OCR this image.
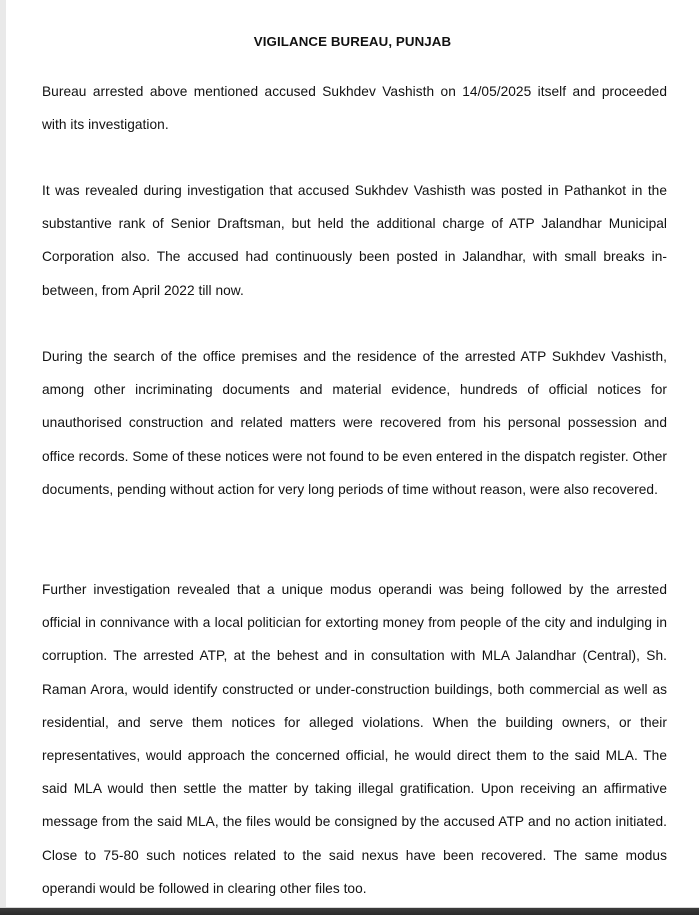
VIGILANCE BUREAU, PUNJAB

Bureau arrested above mentioned accused Sukhdev Vashisth on 14/05/2025 itself and proceeded with its investigation.

It was revealed during investigation that accused Sukhdev Vashisth was posted in Pathankot in the substantive rank of Senior Draftsman, but held the additional charge of ATP Jalandhar Municipal Corporation also. The accused had continuously been posted in Jalandhar, with small breaks in-between, from April 2022 till now.

During the search of the office premises and the residence of the arrested ATP Sukhdev Vashisth, among other incriminating documents and material evidence, hundreds of official notices for unauthorised construction and related matters were recovered from his personal possession and office records. Some of these notices were not found to be even entered in the dispatch register. Other documents, pending without action for very long periods of time without reason, were also recovered.

Further investigation revealed that a unique modus operandi was being followed by the arrested official in connivance with a local politician for extorting money from people of the city and indulging in corruption. The arrested ATP, at the behest and in consultation with MLA Jalandhar (Central), Sh. Raman Arora, would identify constructed or under-construction buildings, both commercial as well as residential, and serve them notices for alleged violations. When the building owners, or their representatives, would approach the concerned official, he would direct them to the said MLA. The said MLA would then settle the matter by taking illegal gratification. Upon receiving an affirmative message from the said MLA, the files would be consigned by the accused ATP and no action initiated. Close to 75-80 such notices related to the said nexus have been recovered. The same modus operandi would be followed in clearing other files too.
